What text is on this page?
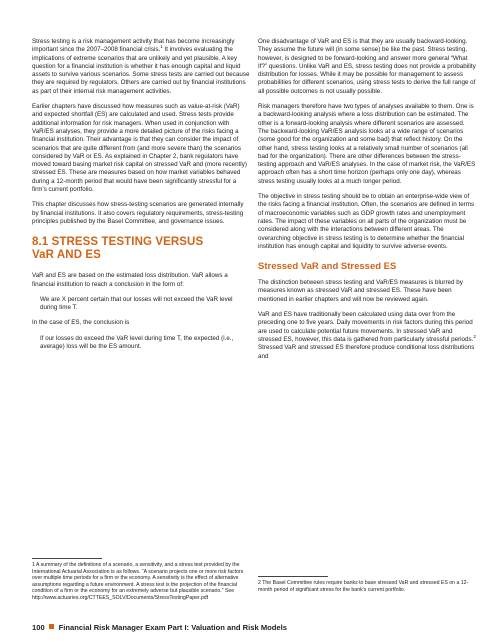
Stress testing is a risk management activity that has become increasingly important since the 2007–2008 financial crisis.$^1$ It involves evaluating the implications of extreme scenarios that are unlikely and yet plausible. A key question for a financial institution is whether it has enough capital and liquid assets to survive various scenarios. Some stress tests are carried out because they are required by regulators. Others are carried out by financial institutions as part of their internal risk management activities.

Earlier chapters have discussed how measures such as value-at-risk (VaR) and expected shortfall (ES) are calculated and used. Stress tests provide additional information for risk managers. When used in conjunction with VaR/ES analyses, they provide a more detailed picture of the risks facing a financial institution. Their advantage is that they can consider the impact of scenarios that are quite different from (and more severe than) the scenarios considered by VaR or ES. As explained in Chapter 2, bank regulators have moved toward basing market risk capital on stressed VaR and (more recently) stressed ES. These are measures based on how market variables behaved during a 12-month period that would have been significantly stressful for a firm’s current portfolio.

This chapter discusses how stress-testing scenarios are generated internally by financial institutions. It also covers regulatory requirements, stress-testing principles published by the Basel Committee, and governance issues.

8.1 STRESS TESTING VERSUS
VaR AND ES

VaR and ES are based on the estimated loss distribution. VaR allows a financial institution to reach a conclusion in the form of:

We are X percent certain that our losses will not exceed the VaR level during time T.

In the case of ES, the conclusion is

If our losses do exceed the VaR level during time T, the expected (i.e., average) loss will be the ES amount.

1 A summary of the definitions of a scenario, a sensitivity, and a stress test provided by the International Actuarial Association is as follows. “A scenario projects one or more risk factors over multiple time periods for a firm or the economy. A sensitivity is the effect of alternative assumptions regarding a future environment. A stress test is the projection of the financial condition of a firm or the economy for an extremely adverse but plausible scenario.” See http://www.actuaries.org/CTTEES_SOLV/Documents/StressTestingPaper.pdf

One disadvantage of VaR and ES is that they are usually backward-looking. They assume the future will (in some sense) be like the past. Stress testing, however, is designed to be forward-looking and answer more general “What If?” questions. Unlike VaR and ES, stress testing does not provide a probability distribution for losses. While it may be possible for management to assess probabilities for different scenarios, using stress tests to derive the full range of all possible outcomes is not usually possible.

Risk managers therefore have two types of analyses available to them. One is a backward-looking analysis where a loss distribution can be estimated. The other is a forward-looking analysis where different scenarios are assessed. The backward-looking VaR/ES analysis looks at a wide range of scenarios (some good for the organization and some bad) that reflect history. On the other hand, stress testing looks at a relatively small number of scenarios (all bad for the organization). There are other differences between the stress-testing approach and VaR/ES analyses. In the case of market risk, the VaR/ES approach often has a short time horizon (perhaps only one day), whereas stress testing usually looks at a much longer period.

The objective in stress testing should be to obtain an enterprise-wide view of the risks facing a financial institution. Often, the scenarios are defined in terms of macroeconomic variables such as GDP growth rates and unemployment rates. The impact of these variables on all parts of the organization must be considered along with the interactions between different areas. The overarching objective in stress testing is to determine whether the financial institution has enough capital and liquidity to survive adverse events.

Stressed VaR and Stressed ES

The distinction between stress testing and VaR/ES measures is blurred by measures known as stressed VaR and stressed ES. These have been mentioned in earlier chapters and will now be reviewed again.

VaR and ES have traditionally been calculated using data over from the preceding one to five years. Daily movements in risk factors during this period are used to calculate potential future movements. In stressed VaR and stressed ES, however, this data is gathered from particularly stressful periods.$^2$ Stressed VaR and stressed ES therefore produce conditional loss distributions and

2 The Basel Committee rules require banks to base stressed VaR and stressed ES on a 12-month period of significant stress for the bank’s current portfolio.

100 Financial Risk Manager Exam Part I: Valuation and Risk Models
